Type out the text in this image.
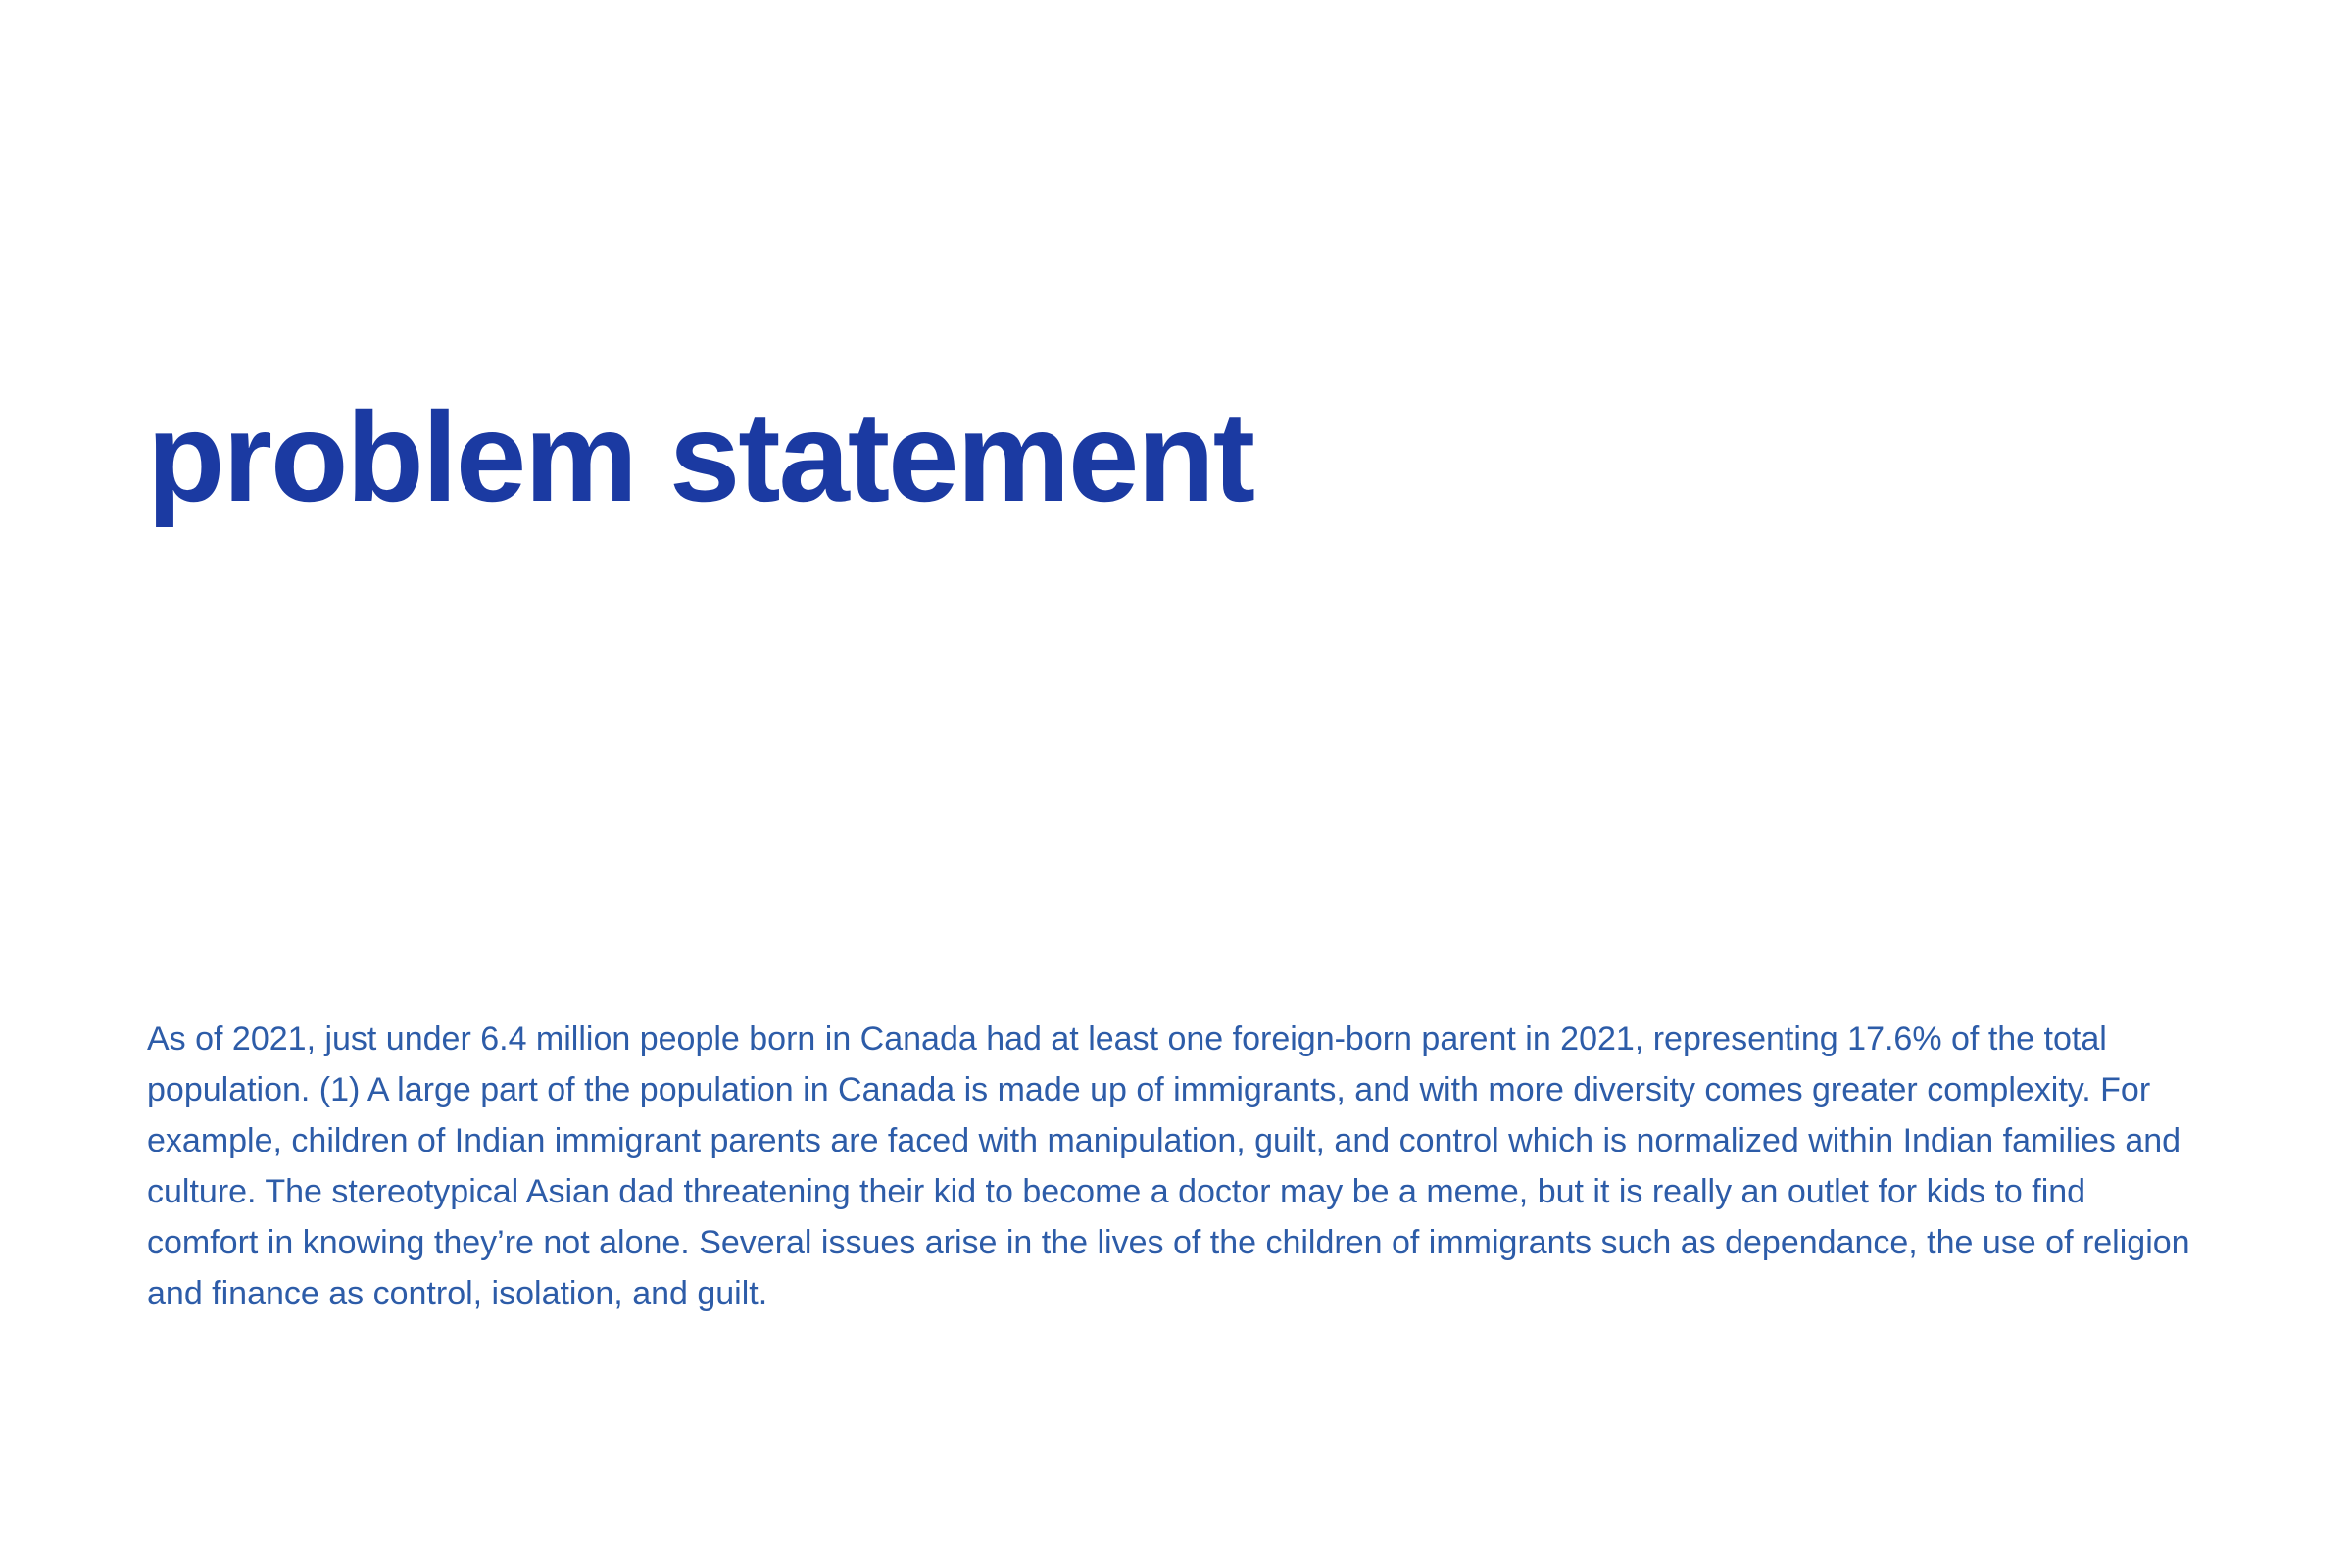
problem statement

As of 2021, just under 6.4 million people born in Canada had at least one foreign-born parent in 2021, representing 17.6% of the total population. (1) A large part of the population in Canada is made up of immigrants, and with more diversity comes greater complexity. For example, children of Indian immigrant parents are faced with manipulation, guilt, and control which is normalized within Indian families and culture. The stereotypical Asian dad threatening their kid to become a doctor may be a meme, but it is really an outlet for kids to find comfort in knowing they’re not alone. Several issues arise in the lives of the children of immigrants such as dependance, the use of religion and finance as control, isolation, and guilt.
